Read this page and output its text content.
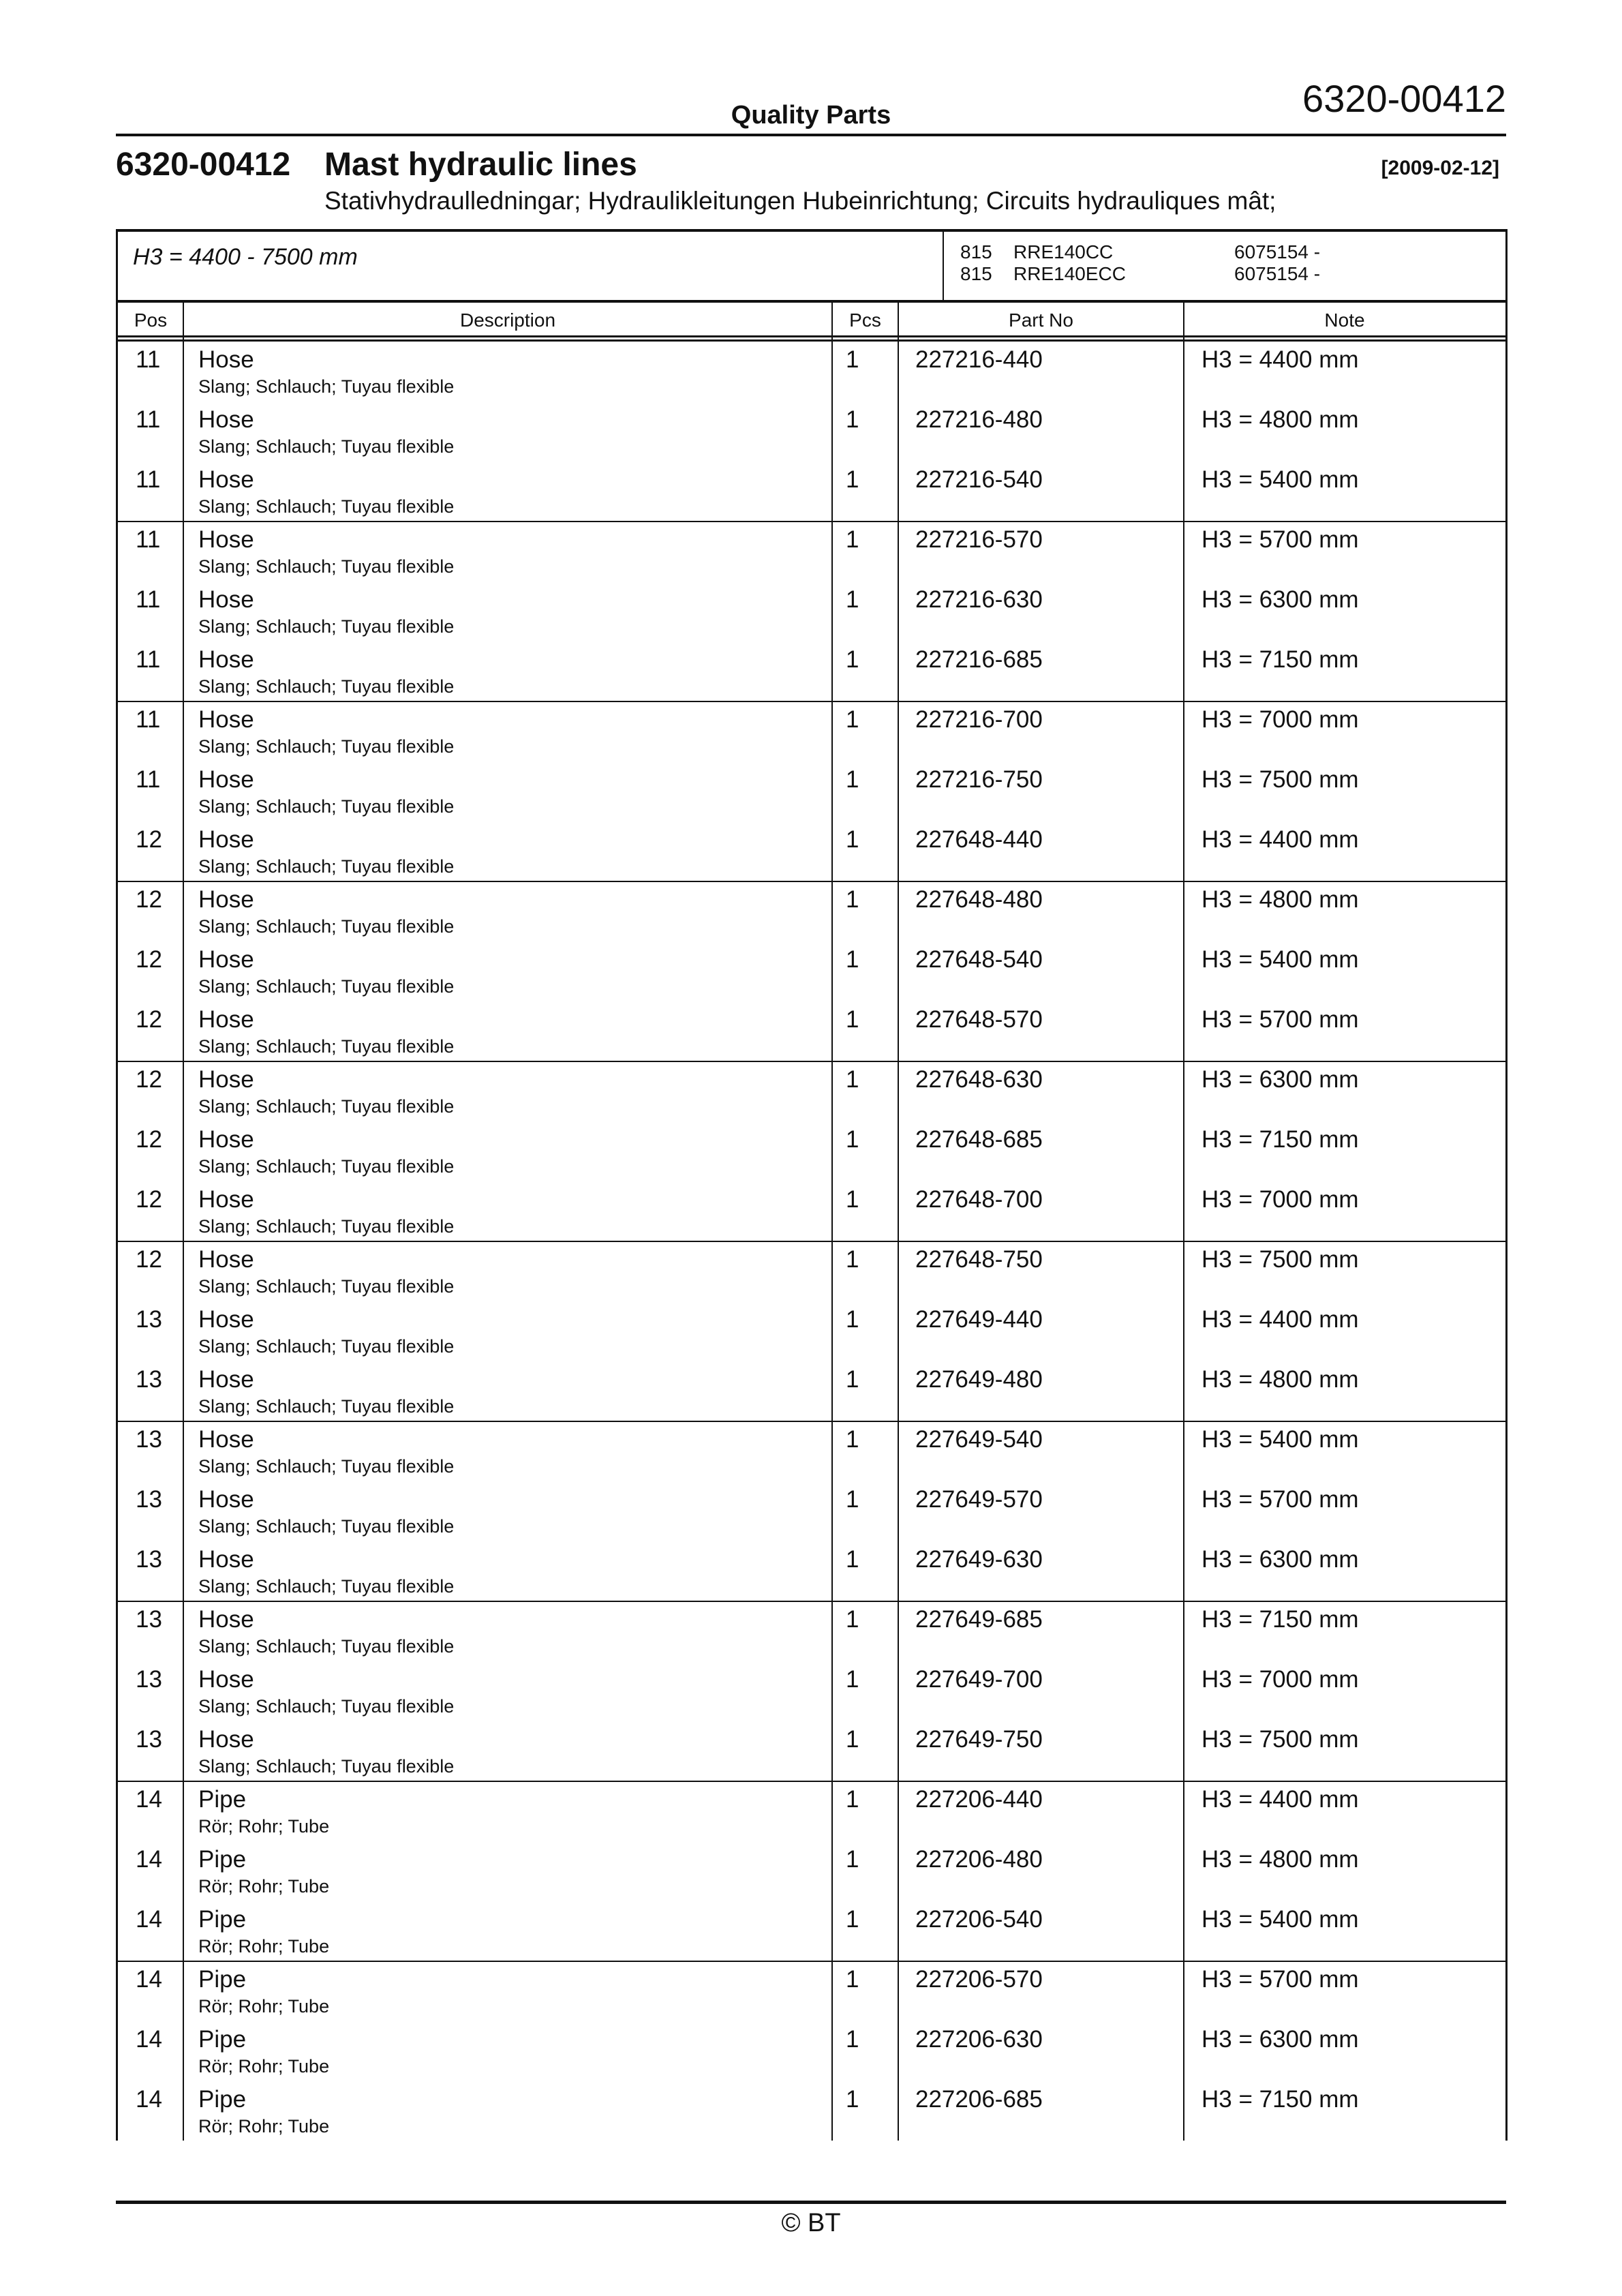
6320-00412
Quality Parts
6320-00412 Mast hydraulic lines	[2009-02-12]
Stativhydraulledningar; Hydraulikleitungen Hubeinrichtung; Circuits hydrauliques mât;
H3 = 4400 - 7500 mm	815 RRE140CC	6075154 -
815 RRE140ECC	6075154 -
Pos	Description	Pcs	Part No	Note
11 Hose
Slang; Schlauch; Tuyau flexible
1 227216-440	H3 = 4400 mm
11 Hose
Slang; Schlauch; Tuyau flexible
1 227216-480	H3 = 4800 mm
11 Hose
Slang; Schlauch; Tuyau flexible
1 227216-540	H3 = 5400 mm
11 Hose
Slang; Schlauch; Tuyau flexible
1 227216-570	H3 = 5700 mm
11 Hose
Slang; Schlauch; Tuyau flexible
1 227216-630	H3 = 6300 mm
11 Hose
Slang; Schlauch; Tuyau flexible
1 227216-685	H3 = 7150 mm
11 Hose
Slang; Schlauch; Tuyau flexible
1 227216-700	H3 = 7000 mm
11 Hose
Slang; Schlauch; Tuyau flexible
1 227216-750	H3 = 7500 mm
12 Hose
Slang; Schlauch; Tuyau flexible
1 227648-440	H3 = 4400 mm
12 Hose
Slang; Schlauch; Tuyau flexible
1 227648-480	H3 = 4800 mm
12 Hose
Slang; Schlauch; Tuyau flexible
1 227648-540	H3 = 5400 mm
12 Hose
Slang; Schlauch; Tuyau flexible
1 227648-570	H3 = 5700 mm
12 Hose
Slang; Schlauch; Tuyau flexible
1 227648-630	H3 = 6300 mm
12 Hose
Slang; Schlauch; Tuyau flexible
1 227648-685	H3 = 7150 mm
12 Hose
Slang; Schlauch; Tuyau flexible
1 227648-700	H3 = 7000 mm
12 Hose
Slang; Schlauch; Tuyau flexible
1 227648-750	H3 = 7500 mm
13 Hose
Slang; Schlauch; Tuyau flexible
1 227649-440	H3 = 4400 mm
13 Hose
Slang; Schlauch; Tuyau flexible
1 227649-480	H3 = 4800 mm
13 Hose
Slang; Schlauch; Tuyau flexible
1 227649-540	H3 = 5400 mm
13 Hose
Slang; Schlauch; Tuyau flexible
1 227649-570	H3 = 5700 mm
13 Hose
Slang; Schlauch; Tuyau flexible
1 227649-630	H3 = 6300 mm
13 Hose
Slang; Schlauch; Tuyau flexible
1 227649-685	H3 = 7150 mm
13 Hose
Slang; Schlauch; Tuyau flexible
1 227649-700	H3 = 7000 mm
13 Hose
Slang; Schlauch; Tuyau flexible
1 227649-750	H3 = 7500 mm
14 Pipe
Rör; Rohr; Tube
1 227206-440	H3 = 4400 mm
14 Pipe
Rör; Rohr; Tube
1 227206-480	H3 = 4800 mm
14 Pipe
Rör; Rohr; Tube
1 227206-540	H3 = 5400 mm
14 Pipe
Rör; Rohr; Tube
1 227206-570	H3 = 5700 mm
14 Pipe
Rör; Rohr; Tube
1 227206-630	H3 = 6300 mm
14 Pipe
Rör; Rohr; Tube
1 227206-685	H3 = 7150 mm
© BT
